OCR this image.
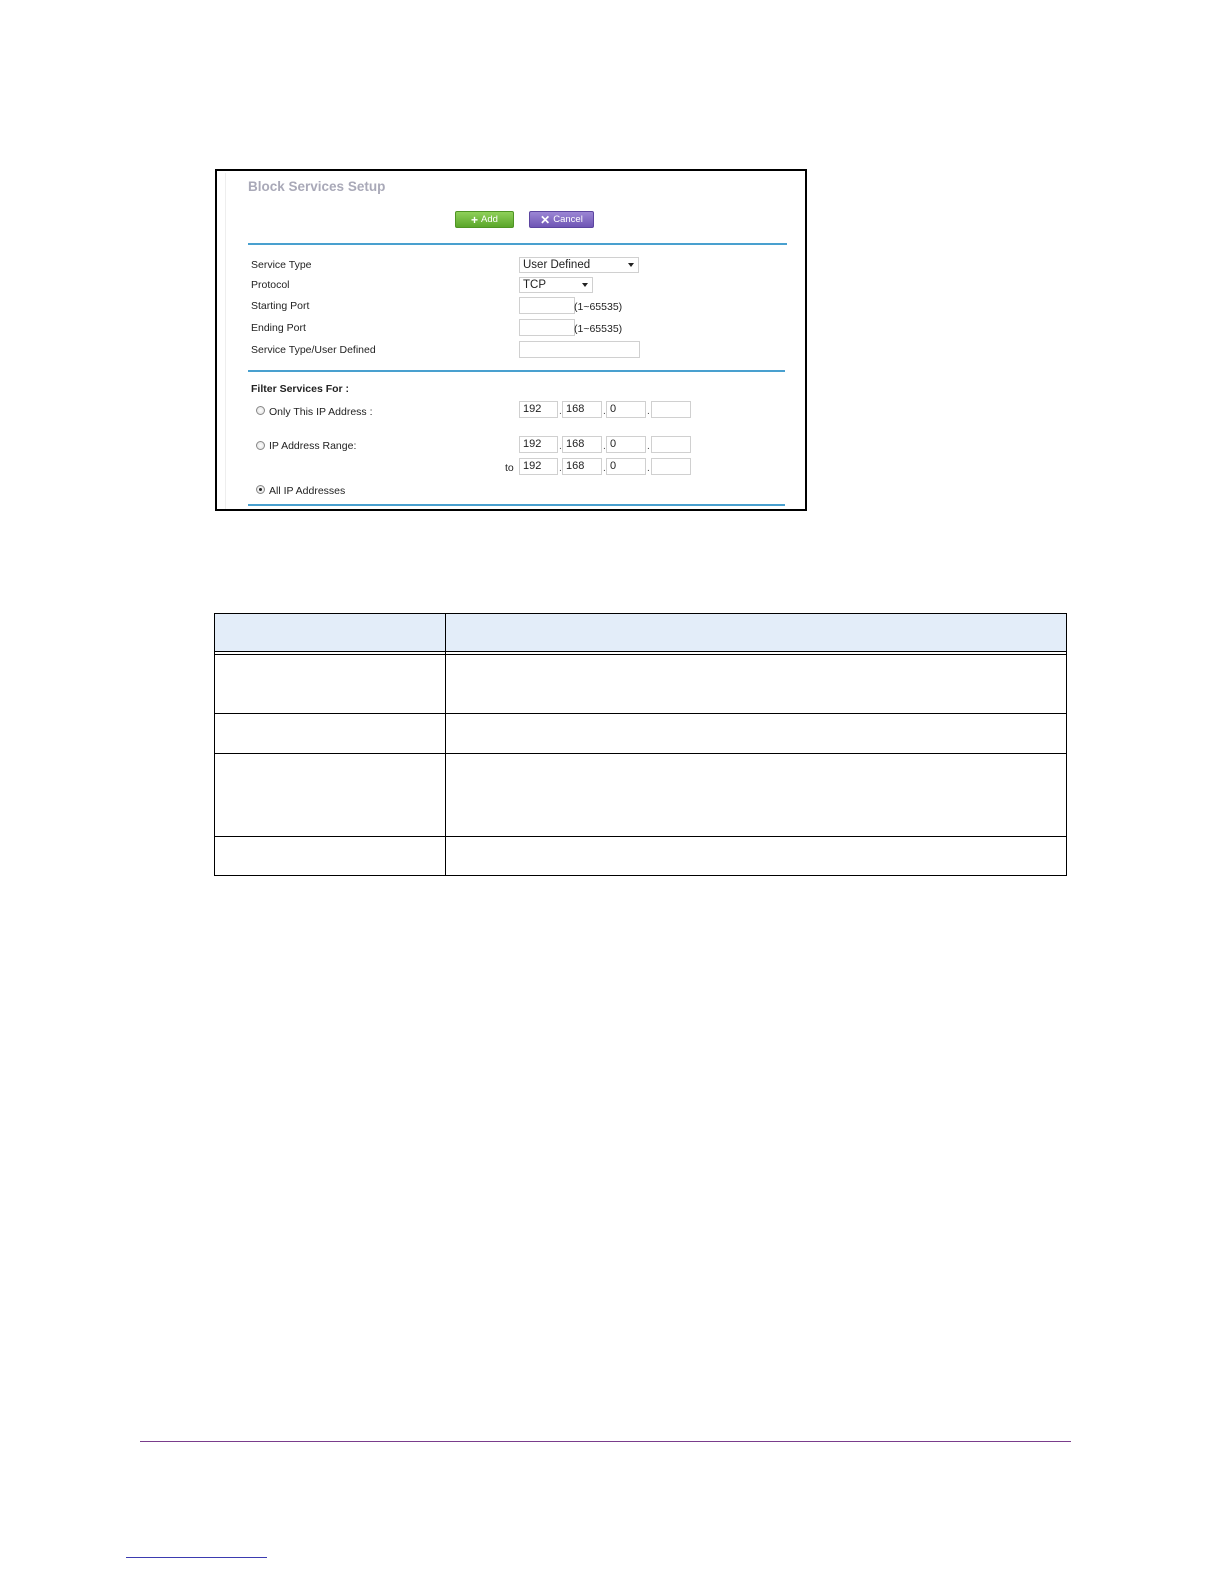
Block Services Setup
+ Add	✕ Cancel
Service Type	User Defined
Protocol	TCP
Starting Port	(1~65535)
Ending Port	(1~65535)
Service Type/User Defined
Filter Services For :
Only This IP Address :	192	. 168	. 0	.
IP Address Range:	192	. 168	. 0	.
to 192	. 168	. 0	.
All IP Addresses
